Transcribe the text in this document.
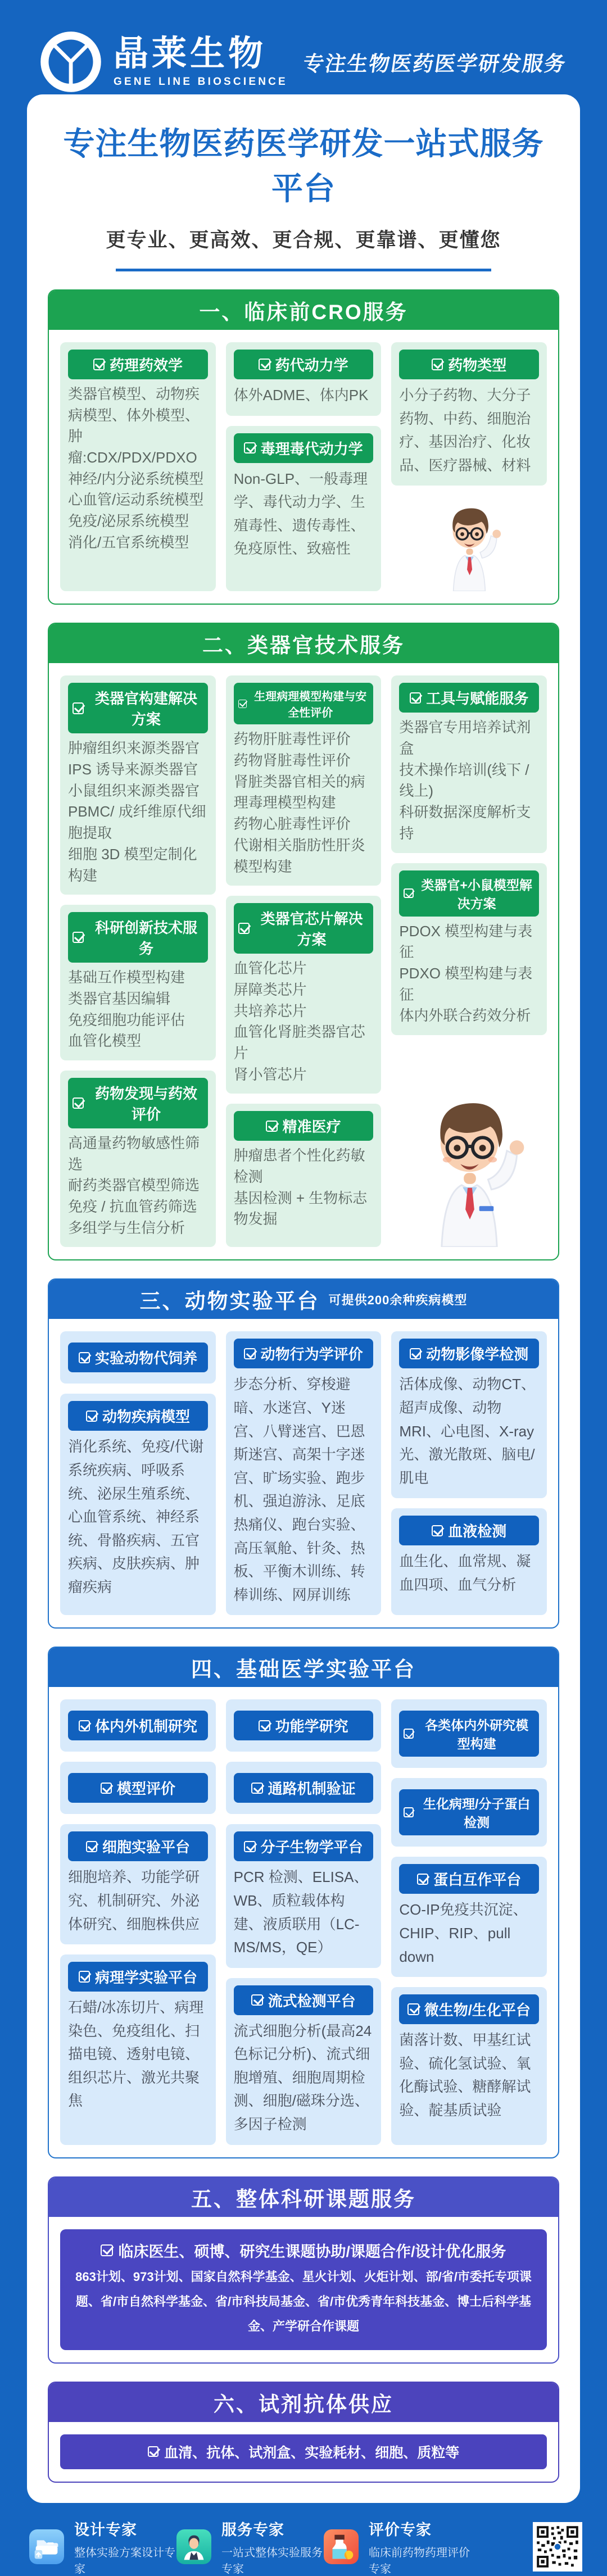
晶莱生物
GENE LINE BIOSCIENCE
专注生物医药医学研发服务
专注生物医药医学研发一站式服务平台
更专业、更高效、更合规、更靠谱、更懂您
一、临床前CRO服务
药理药效学
类器官模型、动物疾病模型、体外模型、
肿瘤:CDX/PDX/PDXO
神经/内分泌系统模型
心血管/运动系统模型
免疫/泌尿系统模型
消化/五官系统模型
药代动力学
体外ADME、体内PK
毒理毒代动力学
Non-GLP、一般毒理学、毒代动力学、生殖毒性、遗传毒性、免疫原性、致癌性
药物类型
小分子药物、大分子药物、中药、细胞治疗、基因治疗、化妆品、医疗器械、材料
二、类器官技术服务
类器官构建解决方案
肿瘤组织来源类器官
IPS 诱导来源类器官
小鼠组织来源类器官
PBMC/ 成纤维原代细胞提取
细胞 3D 模型定制化构建
科研创新技术服务
基础互作模型构建
类器官基因编辑
免疫细胞功能评估
血管化模型
药物发现与药效评价
高通量药物敏感性筛选
耐药类器官模型筛选
免疫 / 抗血管药筛选
多组学与生信分析
生理病理模型构建与安全性评价
药物肝脏毒性评价
药物肾脏毒性评价
肾脏类器官相关的病理毒理模型构建
药物心脏毒性评价
代谢相关脂肪性肝炎模型构建
类器官芯片解决方案
血管化芯片
屏障类芯片
共培养芯片
血管化肾脏类器官芯片
肾小管芯片
精准医疗
肿瘤患者个性化药敏检测
基因检测 + 生物标志物发掘
工具与赋能服务
类器官专用培养试剂盒
技术操作培训(线下 / 线上)
科研数据深度解析支持
类器官+小鼠模型解决方案
PDOX 模型构建与表征
PDXO 模型构建与表征
体内外联合药效分析
三、动物实验平台 可提供200余种疾病模型
实验动物代饲养
动物疾病模型
消化系统、免疫/代谢系统疾病、呼吸系统、泌尿生殖系统、心血管系统、神经系统、骨骼疾病、五官疾病、皮肤疾病、肿瘤疾病
动物行为学评价
步态分析、穿梭避暗、水迷宫、Y迷宫、八臂迷宫、巴恩斯迷宫、高架十字迷宫、旷场实验、跑步机、强迫游泳、足底热痛仪、跑台实验、高压氧舱、针灸、热板、平衡木训练、转棒训练、网屏训练
动物影像学检测
活体成像、动物CT、超声成像、动物MRI、心电图、X-ray光、激光散斑、脑电/肌电
血液检测
血生化、血常规、凝血四项、血气分析
四、基础医学实验平台
体内外机制研究
模型评价
细胞实验平台
细胞培养、功能学研究、机制研究、外泌体研究、细胞株供应
病理学实验平台
石蜡/冰冻切片、病理染色、免疫组化、扫描电镜、透射电镜、组织芯片、激光共聚焦
功能学研究
通路机制验证
分子生物学平台
PCR 检测、ELISA、WB、质粒载体构建、液质联用（LC-MS/MS，QE）
流式检测平台
流式细胞分析(最高24色标记分析)、流式细胞增殖、细胞周期检测、细胞/磁珠分选、多因子检测
各类体内外研究模型构建
生化病理/分子蛋白检测
蛋白互作平台
CO-IP免疫共沉淀、CHIP、RIP、pull down
微生物/生化平台
菌落计数、甲基红试验、硫化氢试验、氧化酶试验、糖酵解试验、靛基质试验
五、整体科研课题服务
临床医生、硕博、研究生课题协助/课题合作/设计优化服务
863计划、973计划、国家自然科学基金、星火计划、火炬计划、部/省/市委托专项课题、省/市自然科学基金、省/市科技局基金、省/市优秀青年科技基金、博士后科学基金、产学研合作课题
六、试剂抗体供应
血清、抗体、试剂盒、实验耗材、细胞、质粒等
设计专家
整体实验方案设计专家
服务专家
一站式整体实验服务专家
评价专家
临床前药物药理评价专家
